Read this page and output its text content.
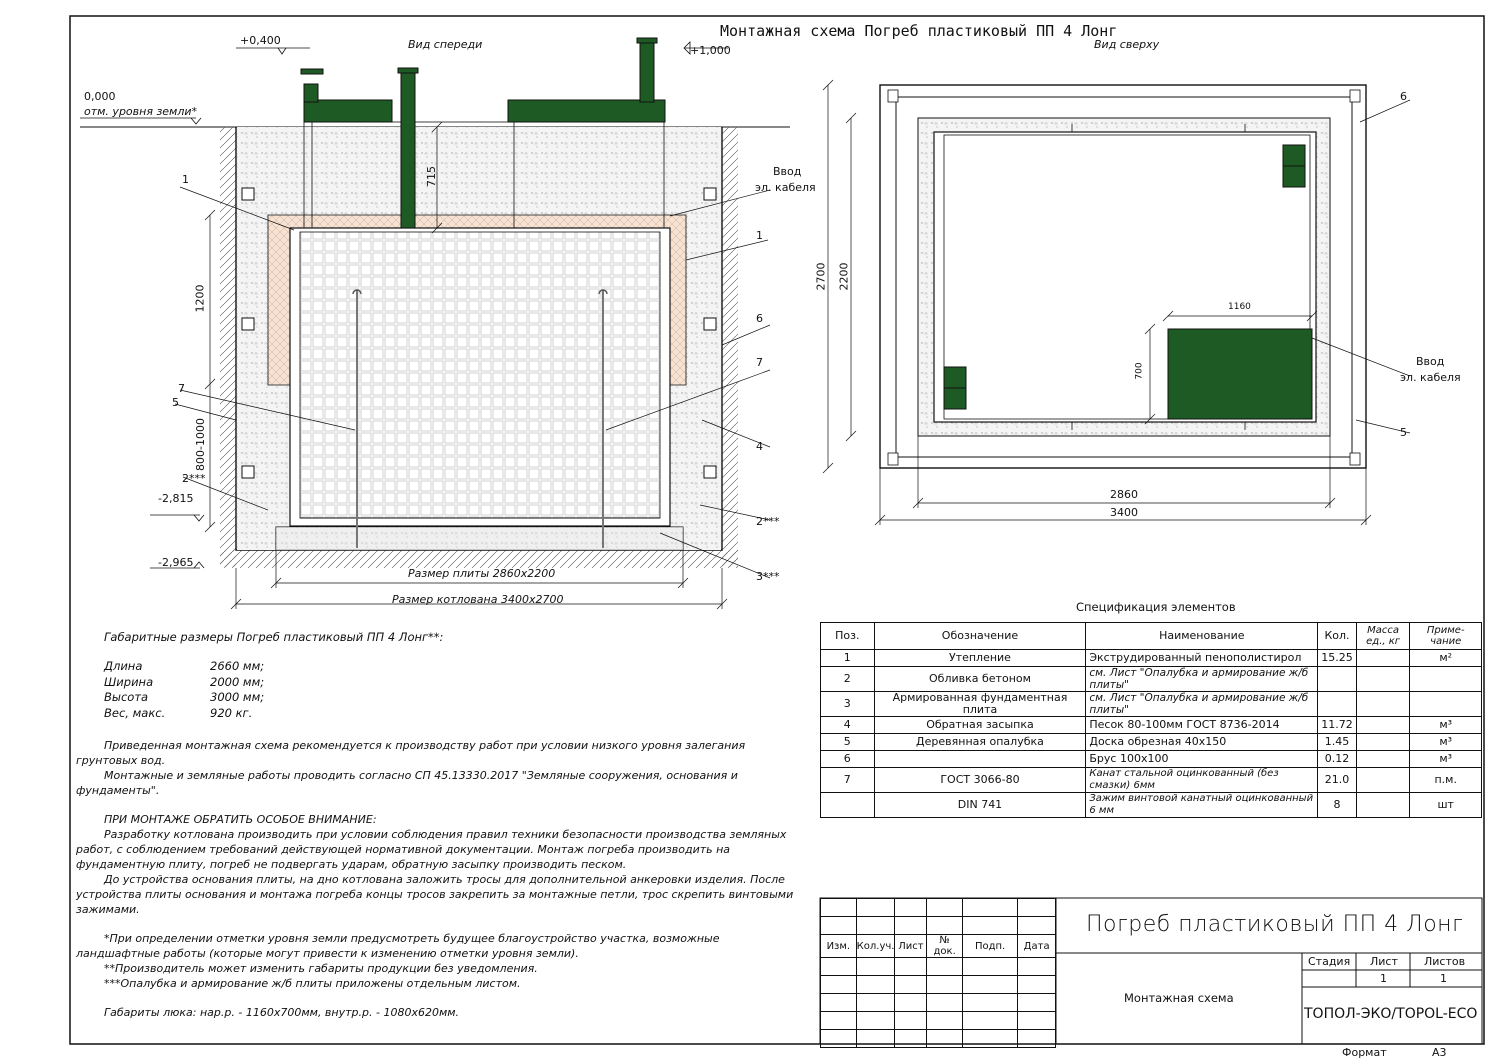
Монтажная схема Погреб пластиковый ПП 4 Лонг
Вид спереди
+0,400
+1,000
0,000
отм. уровня земли*
-2,815
-2,965
715
1200
800-1000
1
7
5
2***
Ввод
эл. кабеля
1
6
7
4
2***
3***
Размер плиты 2860х2200
Размер котлована 3400х2700
Вид сверху
2700 2200
1160
700
2860
3400
6
Ввод
эл. кабеля
5
Габаритные размеры Погреб пластиковый ПП 4 Лонг**:
Длина	2660 мм;
Ширина	2000 мм;
Высота	3000 мм;
Вес, макс.	920 кг.

Приведенная монтажная схема рекомендуется к производству работ при условии низкого уровня залегания грунтовых вод.

Монтажные и земляные работы проводить согласно СП 45.13330.2017 "Земляные сооружения, основания и фундаменты".

ПРИ МОНТАЖЕ ОБРАТИТЬ ОСОБОЕ ВНИМАНИЕ:

Разработку котлована производить при условии соблюдения правил техники безопасности производства земляных работ, с соблюдением требований действующей нормативной документации. Монтаж погреба производить на фундаментную плиту, погреб не подвергать ударам, обратную засыпку производить песком.

До устройства основания плиты, на дно котлована заложить тросы для дополнительной анкеровки изделия. После устройства плиты основания и монтажа погреба концы тросов закрепить за монтажные петли, трос скрепить винтовыми зажимами.

*При определении отметки уровня земли предусмотреть будущее благоустройство участка, возможные ландшафтные работы (которые могут привести к изменению отметки уровня земли).

**Производитель может изменить габариты продукции без уведомления.

***Опалубка и армирование ж/б плиты приложены отдельным листом.

Габариты люка: нар.р. - 1160х700мм, внутр.р. - 1080х620мм.

Спецификация элементов
Поз.	Обозначение	Наименование	Кол.	Масса ед., кг	Приме-чание
1	Утепление	Экструдированный пенополистирол	15.25		м²
2	Обливка бетоном	см. Лист "Опалубка и армирование ж/б плиты"			
3	Армированная фундаментная плита	см. Лист "Опалубка и армирование ж/б плиты"			
4	Обратная засыпка	Песок 80-100мм ГОСТ 8736-2014	11.72		м³
5	Деревянная опалубка	Доска обрезная 40х150	1.45		м³
6		Брус 100х100	0.12		м³
7	ГОСТ 3066-80	Канат стальной оцинкованный (без смазки) 6мм	21.0		п.м.
	DIN 741	Зажим винтовой канатный оцинкованный 6 мм	8		шт

Изм.	Кол.уч.	Лист	№ док.	Подп.	Дата

Погреб пластиковый ПП 4 Лонг
Монтажная схема
Стадия Лист Листов
1	1
ТОПОЛ-ЭКО/TOPOL-ECO
Формат	А3
